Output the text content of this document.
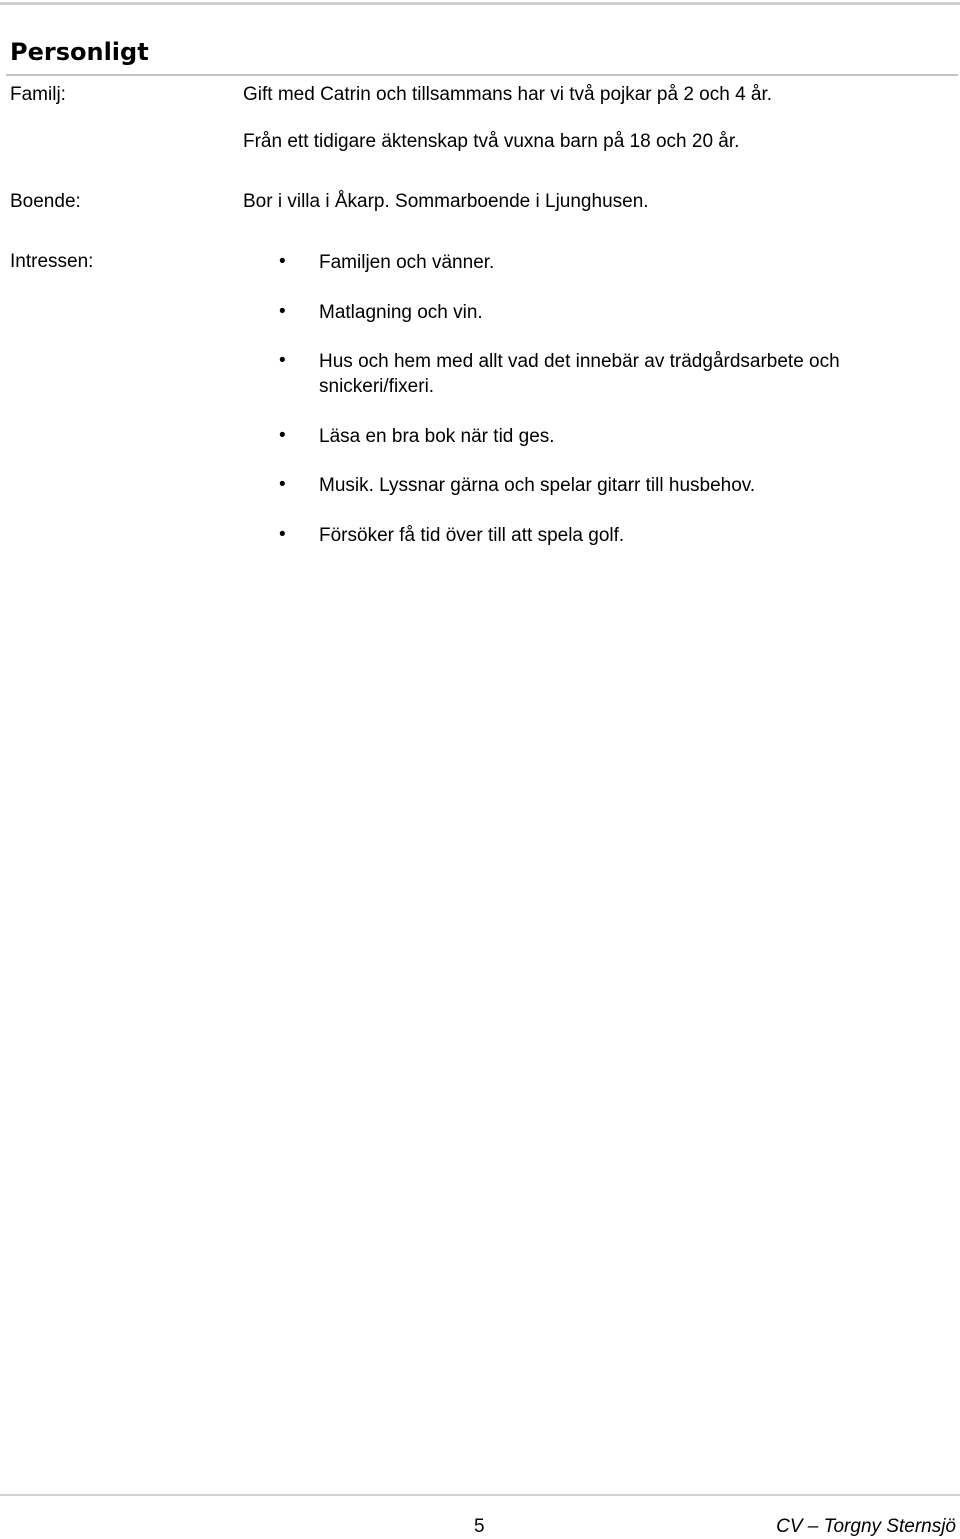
Personligt
Familj:	Gift med Catrin och tillsammans har vi två pojkar på 2 och 4 år.
Från ett tidigare äktenskap två vuxna barn på 18 och 20 år.
Boende:	Bor i villa i Åkarp. Sommarboende i Ljunghusen.
Intressen:	• Familjen och vänner.
• Matlagning och vin.
• Hus och hem med allt vad det innebär av trädgårdsarbete och snickeri/fixeri.
• Läsa en bra bok när tid ges.
• Musik. Lyssnar gärna och spelar gitarr till husbehov.
• Försöker få tid över till att spela golf.
5	CV – Torgny Sternsjö
